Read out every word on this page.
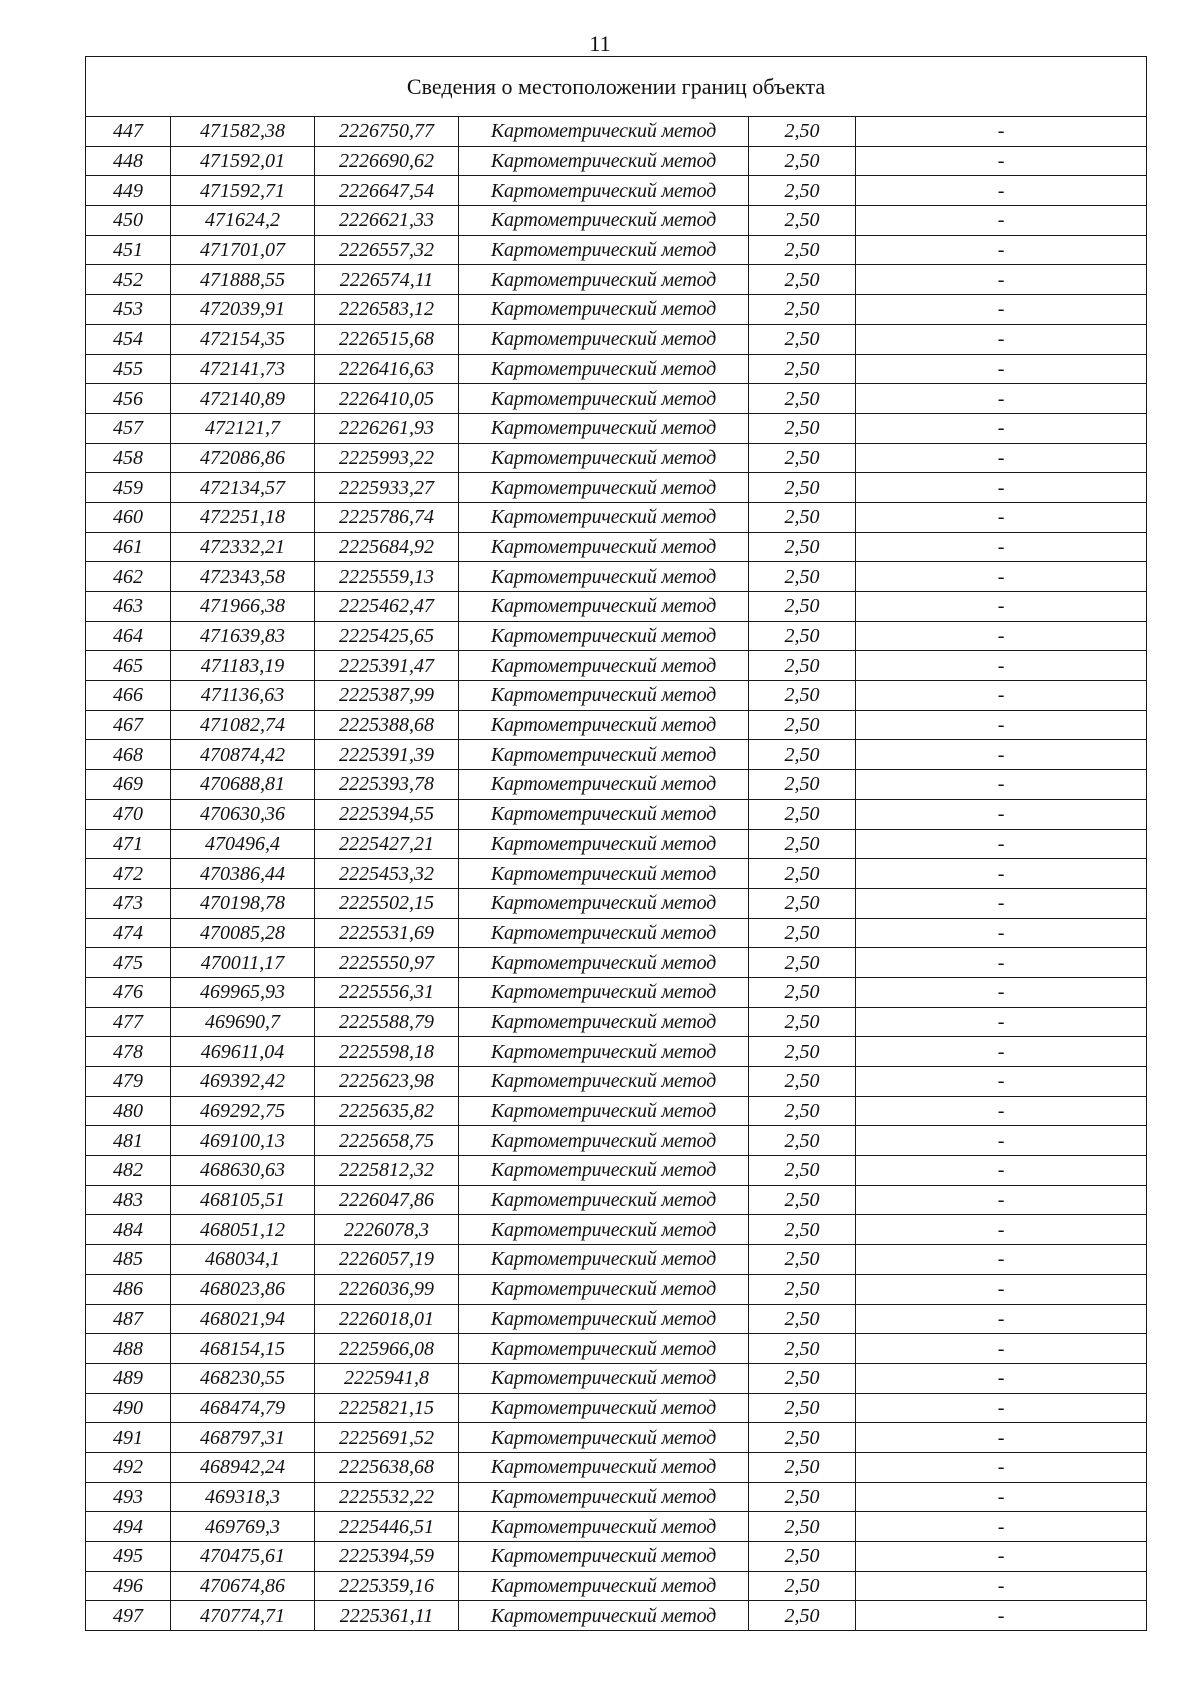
11
Сведения о местоположении границ объекта					
447	471582,38	2226750,77	Картометрический метод	2,50	-
448	471592,01	2226690,62	Картометрический метод	2,50	-
449	471592,71	2226647,54	Картометрический метод	2,50	-
450	471624,2	2226621,33	Картометрический метод	2,50	-
451	471701,07	2226557,32	Картометрический метод	2,50	-
452	471888,55	2226574,11	Картометрический метод	2,50	-
453	472039,91	2226583,12	Картометрический метод	2,50	-
454	472154,35	2226515,68	Картометрический метод	2,50	-
455	472141,73	2226416,63	Картометрический метод	2,50	-
456	472140,89	2226410,05	Картометрический метод	2,50	-
457	472121,7	2226261,93	Картометрический метод	2,50	-
458	472086,86	2225993,22	Картометрический метод	2,50	-
459	472134,57	2225933,27	Картометрический метод	2,50	-
460	472251,18	2225786,74	Картометрический метод	2,50	-
461	472332,21	2225684,92	Картометрический метод	2,50	-
462	472343,58	2225559,13	Картометрический метод	2,50	-
463	471966,38	2225462,47	Картометрический метод	2,50	-
464	471639,83	2225425,65	Картометрический метод	2,50	-
465	471183,19	2225391,47	Картометрический метод	2,50	-
466	471136,63	2225387,99	Картометрический метод	2,50	-
467	471082,74	2225388,68	Картометрический метод	2,50	-
468	470874,42	2225391,39	Картометрический метод	2,50	-
469	470688,81	2225393,78	Картометрический метод	2,50	-
470	470630,36	2225394,55	Картометрический метод	2,50	-
471	470496,4	2225427,21	Картометрический метод	2,50	-
472	470386,44	2225453,32	Картометрический метод	2,50	-
473	470198,78	2225502,15	Картометрический метод	2,50	-
474	470085,28	2225531,69	Картометрический метод	2,50	-
475	470011,17	2225550,97	Картометрический метод	2,50	-
476	469965,93	2225556,31	Картометрический метод	2,50	-
477	469690,7	2225588,79	Картометрический метод	2,50	-
478	469611,04	2225598,18	Картометрический метод	2,50	-
479	469392,42	2225623,98	Картометрический метод	2,50	-
480	469292,75	2225635,82	Картометрический метод	2,50	-
481	469100,13	2225658,75	Картометрический метод	2,50	-
482	468630,63	2225812,32	Картометрический метод	2,50	-
483	468105,51	2226047,86	Картометрический метод	2,50	-
484	468051,12	2226078,3	Картометрический метод	2,50	-
485	468034,1	2226057,19	Картометрический метод	2,50	-
486	468023,86	2226036,99	Картометрический метод	2,50	-
487	468021,94	2226018,01	Картометрический метод	2,50	-
488	468154,15	2225966,08	Картометрический метод	2,50	-
489	468230,55	2225941,8	Картометрический метод	2,50	-
490	468474,79	2225821,15	Картометрический метод	2,50	-
491	468797,31	2225691,52	Картометрический метод	2,50	-
492	468942,24	2225638,68	Картометрический метод	2,50	-
493	469318,3	2225532,22	Картометрический метод	2,50	-
494	469769,3	2225446,51	Картометрический метод	2,50	-
495	470475,61	2225394,59	Картометрический метод	2,50	-
496	470674,86	2225359,16	Картометрический метод	2,50	-
497	470774,71	2225361,11	Картометрический метод	2,50	-
